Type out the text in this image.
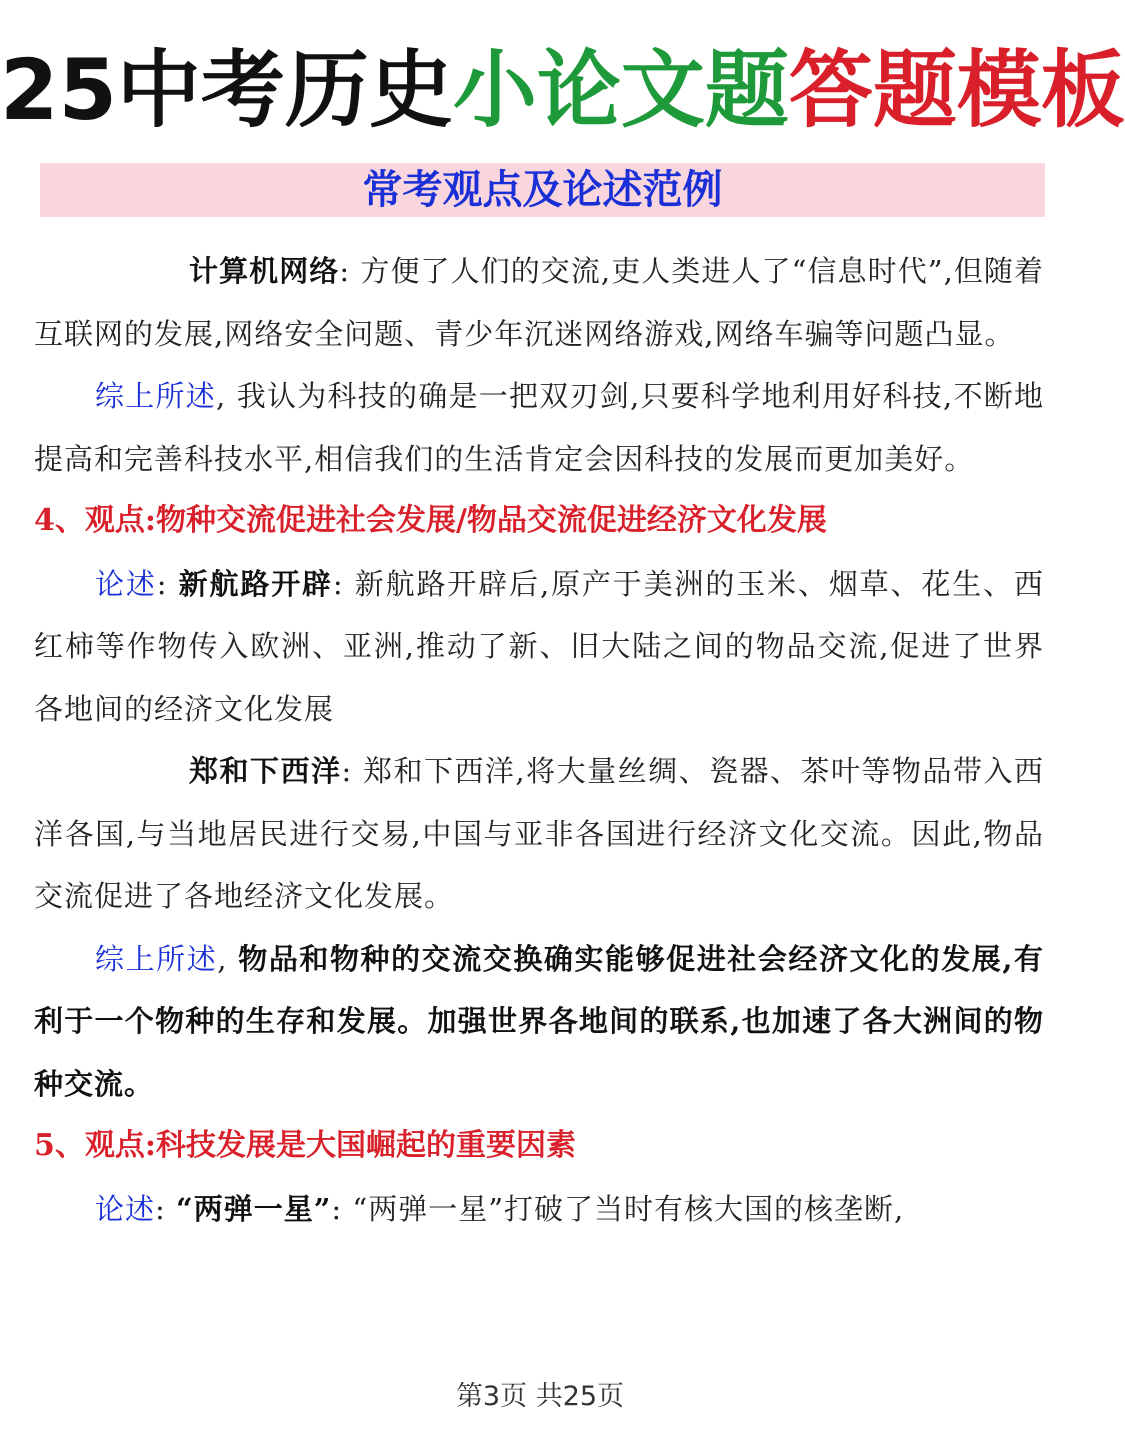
25中考历史小论文题答题模板
常考观点及论述范例

计算机网络: 方便了人们的交流,吏人类进人了“信息时代”,但随着互联网的发展,网络安全问题、青少年沉迷网络游戏,网络车骗等问题凸显。

综上所述, 我认为科技的确是一把双刃剑,只要科学地利用好科技,不断地提高和完善科技水平,相信我们的生活肯定会因科技的发展而更加美好。

4、观点:物种交流促进社会发展/物品交流促进经济文化发展

论述: 新航路开辟: 新航路开辟后,原产于美洲的玉米、烟草、花生、西红柿等作物传入欧洲、亚洲,推动了新、旧大陆之间的物品交流,促进了世界各地间的经济文化发展

郑和下西洋: 郑和下西洋,将大量丝绸、瓷器、茶叶等物品带入西洋各国,与当地居民进行交易,中国与亚非各国进行经济文化交流。因此,物品交流促进了各地经济文化发展。

综上所述, 物品和物种的交流交换确实能够促进社会经济文化的发展,有利于一个物种的生存和发展。加强世界各地间的联系,也加速了各大洲间的物种交流。

5、观点:科技发展是大国崛起的重要因素

论述: “两弹一星”: “两弹一星”打破了当时有核大国的核垄断,

第3页 共25页
